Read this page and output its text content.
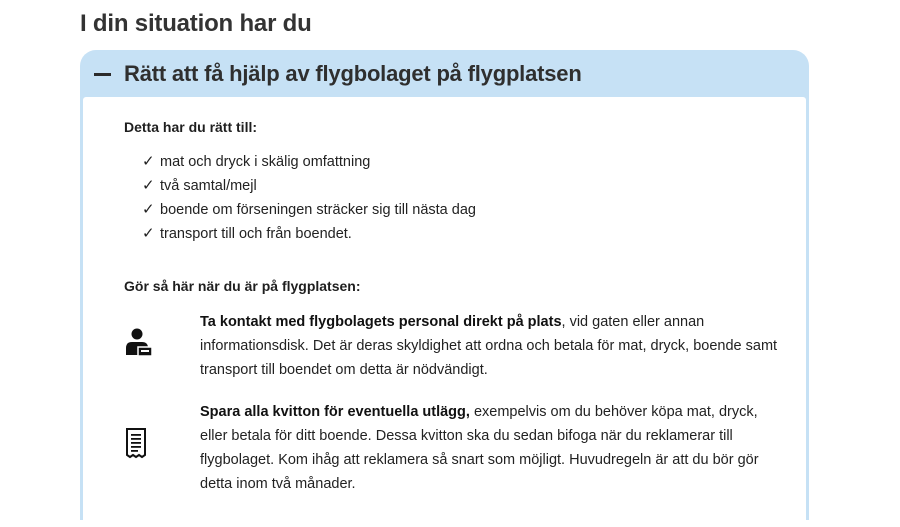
I din situation har du
Rätt att få hjälp av flygbolaget på flygplatsen
Detta har du rätt till:
✓ mat och dryck i skälig omfattning
✓ två samtal/mejl
✓ boende om förseningen sträcker sig till nästa dag
✓ transport till och från boendet.
Gör så här när du är på flygplatsen:
Ta kontakt med flygbolagets personal direkt på plats, vid gaten eller annan informationsdisk. Det är deras skyldighet att ordna och betala för mat, dryck, boende samt transport till boendet om detta är nödvändigt.
Spara alla kvitton för eventuella utlägg, exempelvis om du behöver köpa mat, dryck, eller betala för ditt boende. Dessa kvitton ska du sedan bifoga när du reklamerar till flygbolaget. Kom ihåg att reklamera så snart som möjligt. Huvudregeln är att du bör gör detta inom två månader.
